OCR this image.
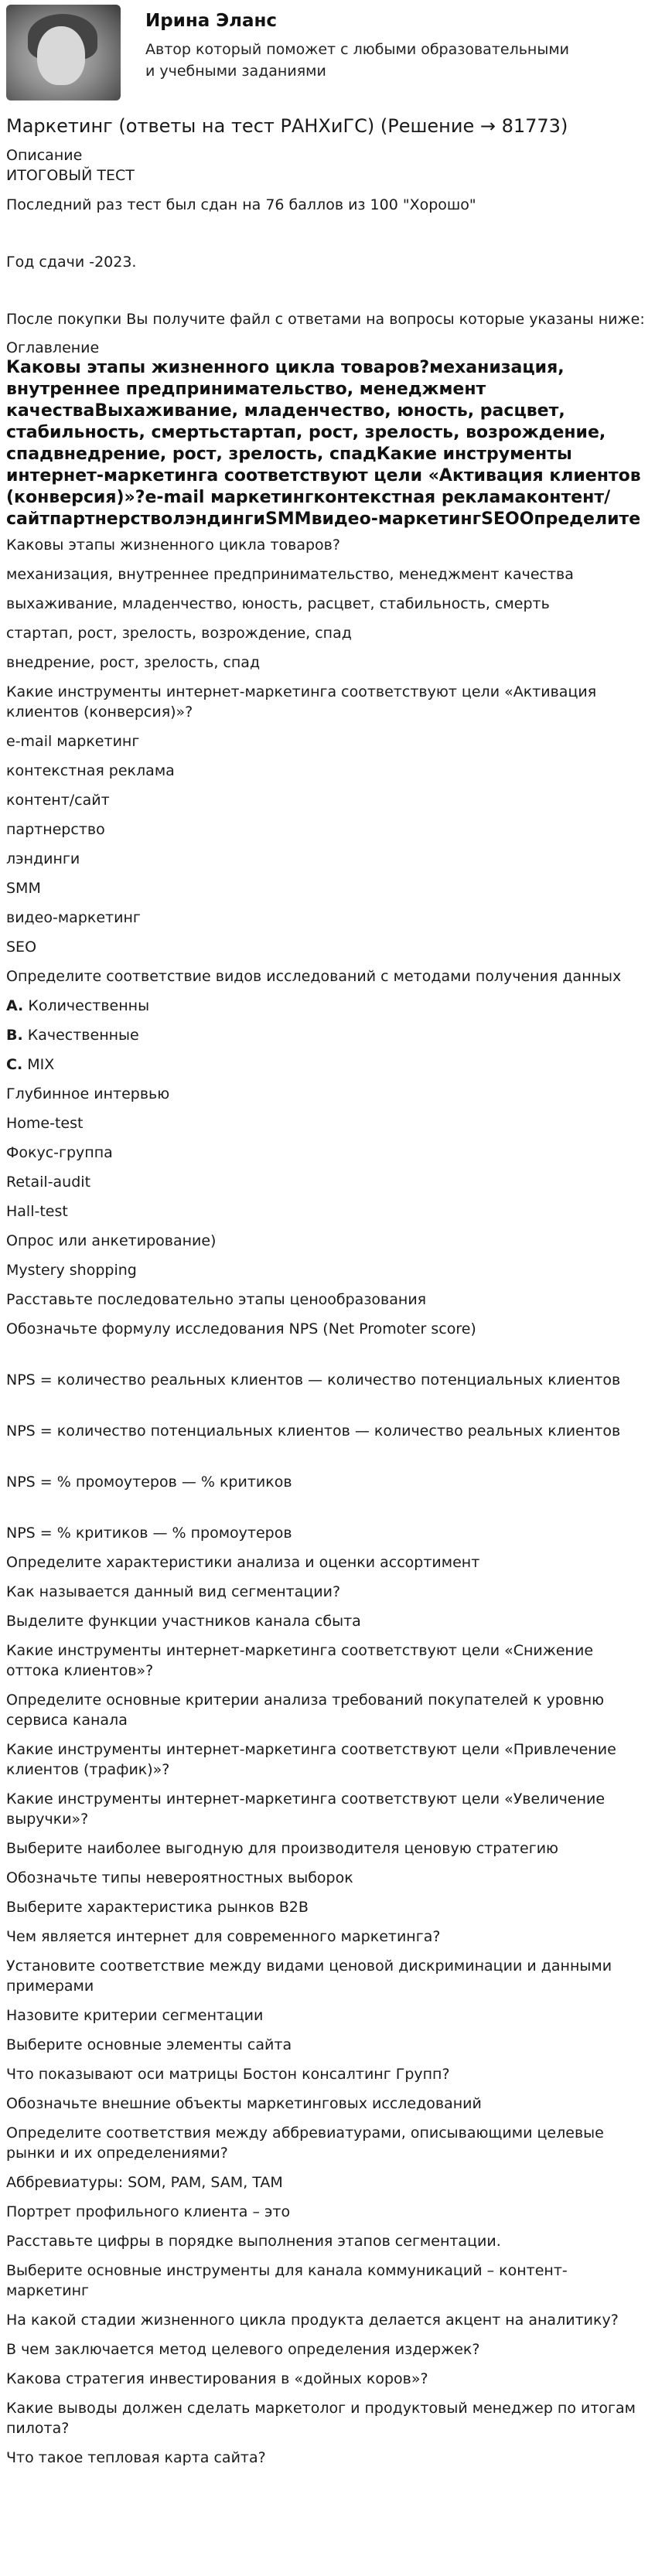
Ирина Эланс
Автор который поможет с любыми образовательными и учебными заданиями
Маркетинг (ответы на тест РАНХиГС) (Решение → 81773)
Описание
ИТОГОВЫЙ ТЕСТ
Последний раз тест был сдан на 76 баллов из 100 "Хорошо"
Год сдачи -2023.
После покупки Вы получите файл с ответами на вопросы которые указаны ниже:
Оглавление
Каковы этапы жизненного цикла товаров?механизация, внутреннее предпринимательство, менеджмент качестваВыхаживание, младенчество, юность, расцвет, стабильность, смертьстартап, рост, зрелость, возрождение, спадвнедрение, рост, зрелость, спадКакие инструменты интернет-маркетинга соответствуют цели «Активация клиентов (конверсия)»?e-mail маркетингконтекстная рекламаконтент/сайтпартнерстволэндингиSMMвидео-маркетингSEOОпределите
Каковы этапы жизненного цикла товаров?
механизация, внутреннее предпринимательство, менеджмент качества
выхаживание, младенчество, юность, расцвет, стабильность, смерть
стартап, рост, зрелость, возрождение, спад
внедрение, рост, зрелость, спад
Какие инструменты интернет-маркетинга соответствуют цели «Активация клиентов (конверсия)»?
e-mail маркетинг
контекстная реклама
контент/сайт
партнерство
лэндинги
SMM
видео-маркетинг
SEO
Определите соответствие видов исследований с методами получения данных
A. Количественны
B. Качественные
C. MIX
Глубинное интервью
Home-test
Фокус-группа
Retail-audit
Hall-test
Опрос или анкетирование)
Mystery shopping
Расставьте последовательно этапы ценообразования
Обозначьте формулу исследования NPS (Net Promoter score)
NPS = количество реальных клиентов — количество потенциальных клиентов
NPS = количество потенциальных клиентов — количество реальных клиентов
NPS = % промоутеров — % критиков
NPS = % критиков — % промоутеров
Определите характеристики анализа и оценки ассортимент
Как называется данный вид сегментации?
Выделите функции участников канала сбыта
Какие инструменты интернет-маркетинга соответствуют цели «Снижение оттока клиентов»?
Определите основные критерии анализа требований покупателей к уровню сервиса канала
Какие инструменты интернет-маркетинга соответствуют цели «Привлечение клиентов (трафик)»?
Какие инструменты интернет-маркетинга соответствуют цели «Увеличение выручки»?
Выберите наиболее выгодную для производителя ценовую стратегию
Обозначьте типы невероятностных выборок
Выберите характеристика рынков B2B
Чем является интернет для современного маркетинга?
Установите соответствие между видами ценовой дискриминации и данными примерами
Назовите критерии сегментации
Выберите основные элементы сайта
Что показывают оси матрицы Бостон консалтинг Групп?
Обозначьте внешние объекты маркетинговых исследований
Определите соответствия между аббревиатурами, описывающими целевые рынки и их определениями?
Аббревиатуры: SOM, PAM, SAM, TAM
Портрет профильного клиента – это
Расставьте цифры в порядке выполнения этапов сегментации.
Выберите основные инструменты для канала коммуникаций – контент-маркетинг
На какой стадии жизненного цикла продукта делается акцент на аналитику?
В чем заключается метод целевого определения издержек?
Какова стратегия инвестирования в «дойных коров»?
Какие выводы должен сделать маркетолог и продуктовый менеджер по итогам пилота?
Что такое тепловая карта сайта?
